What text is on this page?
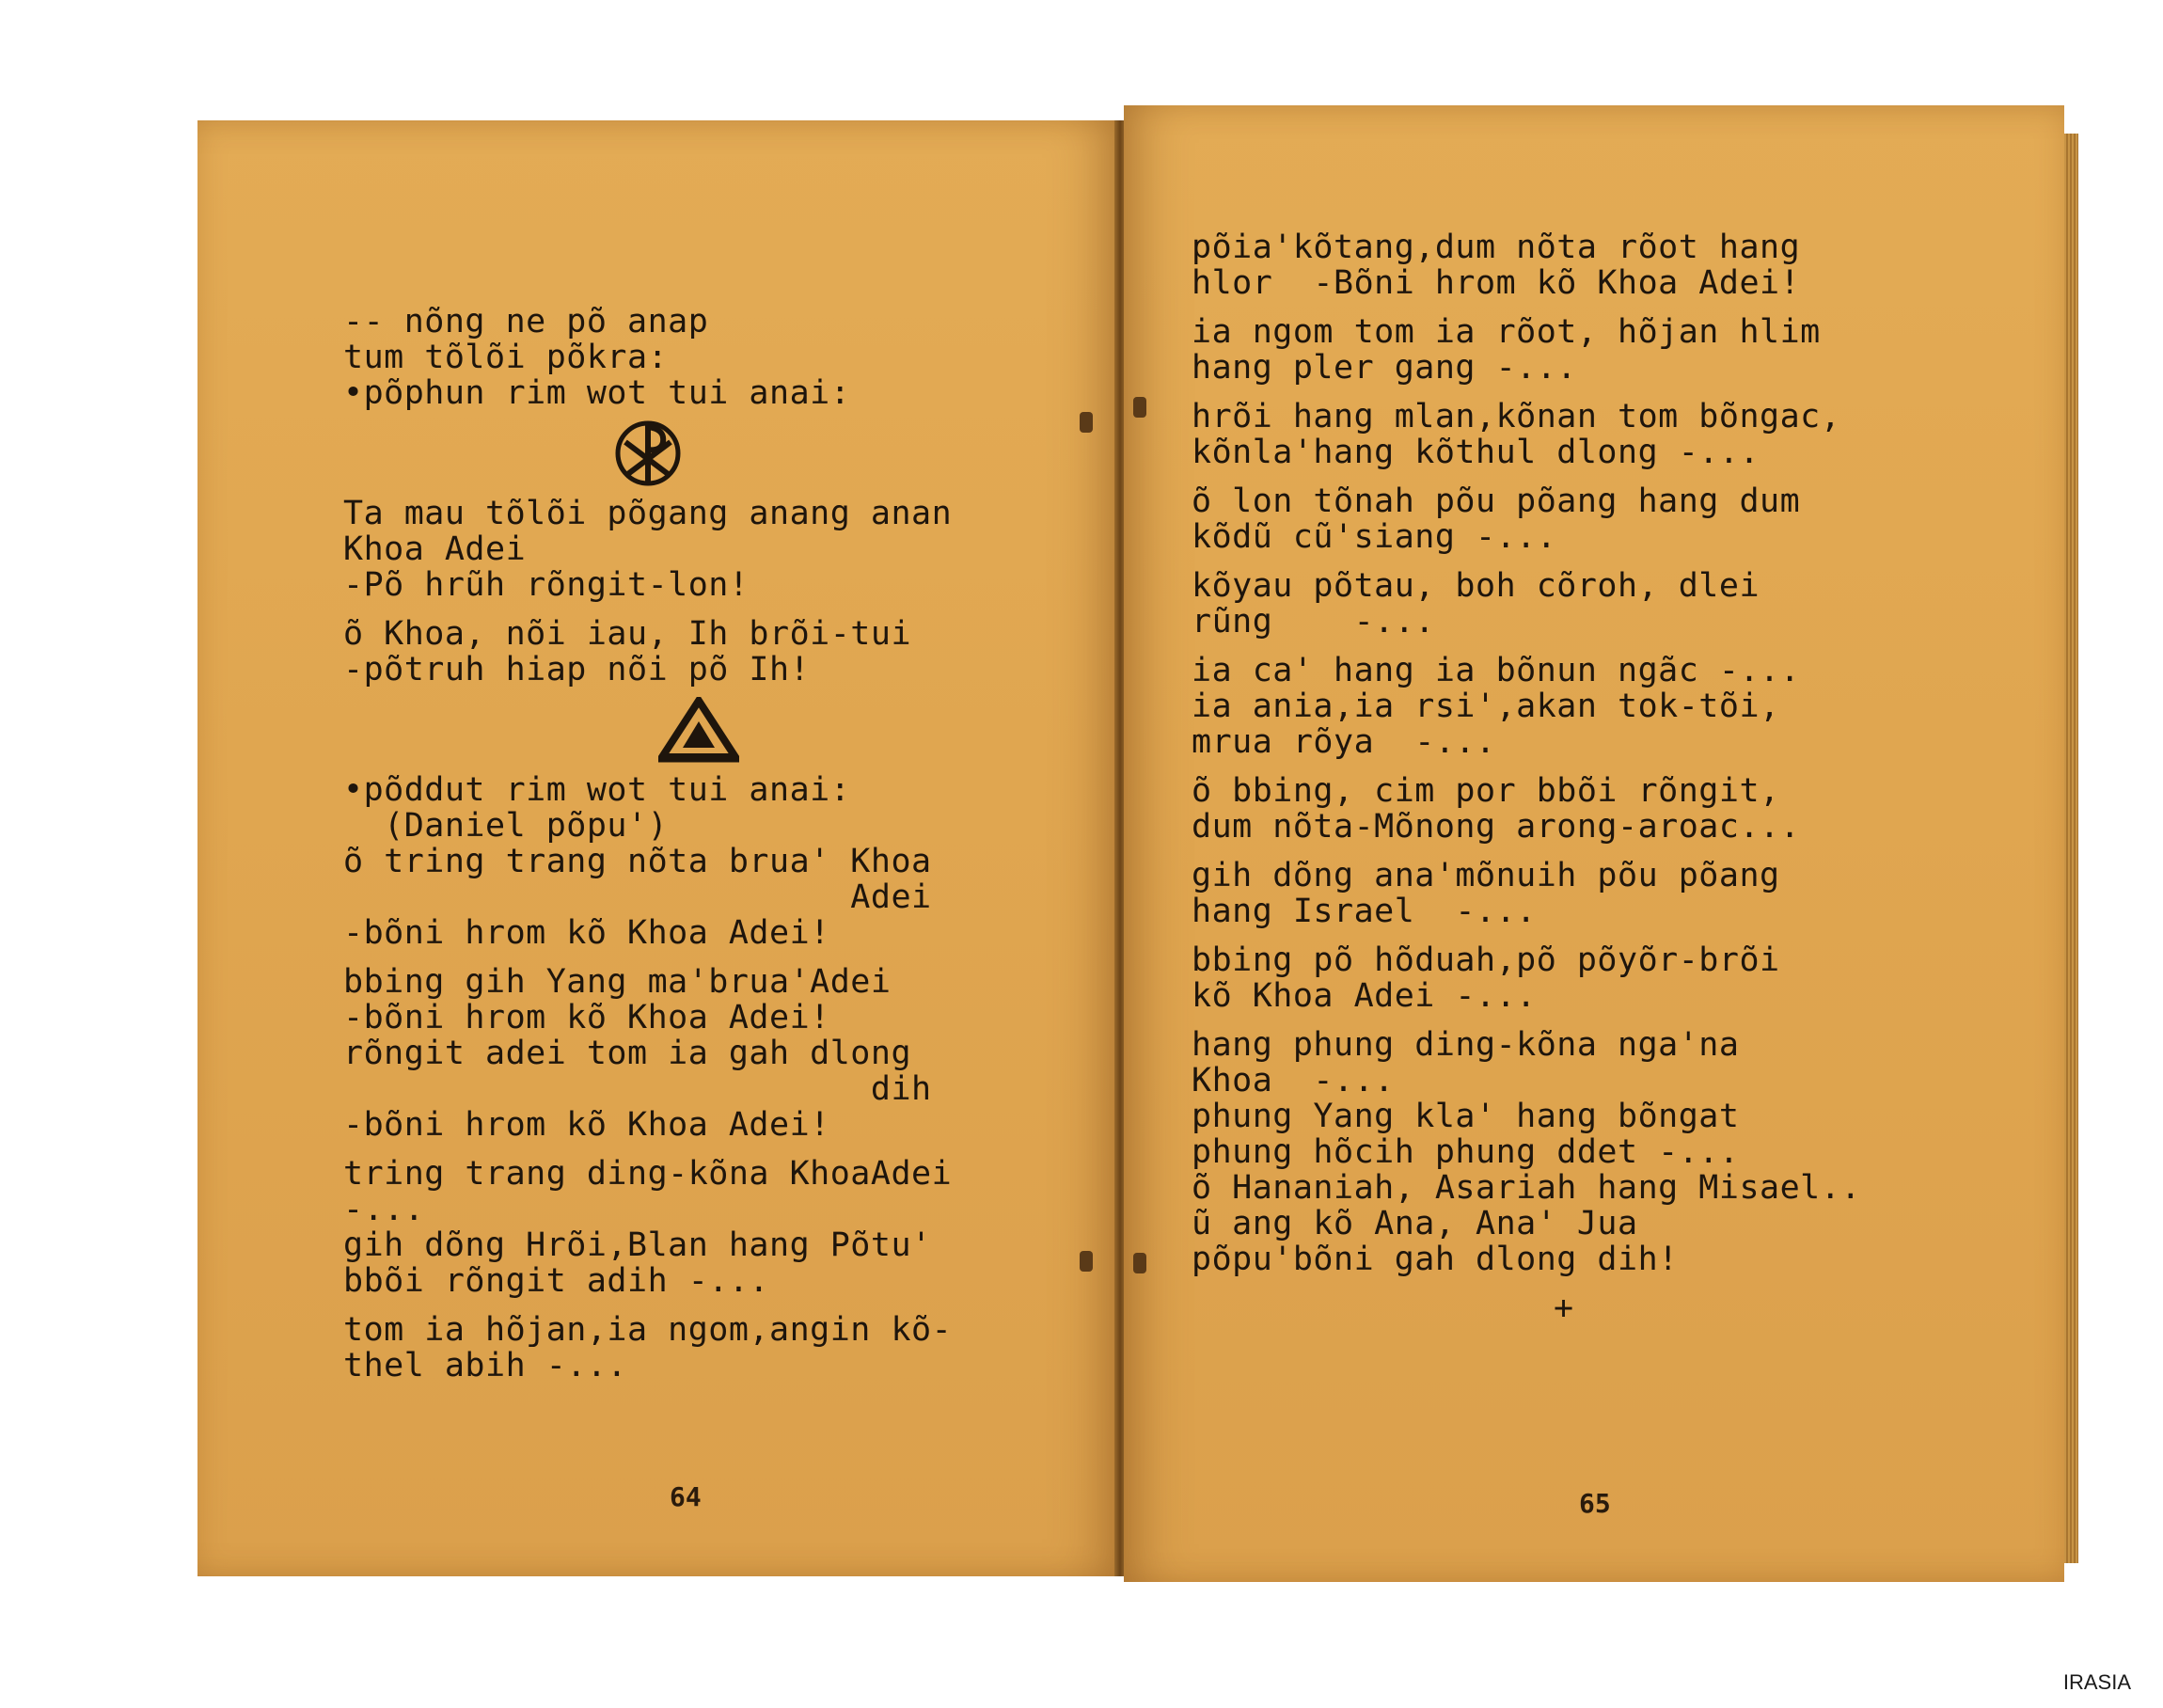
-- nõng ne põ anap
tum tõlõi põkra:
•põphun rim wot tui anai:
Ta mau tõlõi põgang anang anan
Khoa Adei
-Põ hrũh rõngit-lon!
õ Khoa, nõi iau, Ih brõi-tui
-põtruh hiap nõi põ Ih!
•põddut rim wot tui anai:
(Daniel põpu')
õ tring trang nõta brua' Khoa
Adei
-bõni hrom kõ Khoa Adei!
bbing gih Yang ma'brua'Adei
-bõni hrom kõ Khoa Adei!
rõngit adei tom ia gah dlong
dih
-bõni hrom kõ Khoa Adei!
tring trang ding-kõna KhoaAdei
-...
gih dõng Hrõi,Blan hang Põtu'
bbõi rõngit adih -...
tom ia hõjan,ia ngom,angin kõ-
thel abih -...
64
põia'kõtang,dum nõta rõot hang
hlor  -Bõni hrom kõ Khoa Adei!
ia ngom tom ia rõot, hõjan hlim
hang pler gang -...
hrõi hang mlan,kõnan tom bõngac,
kõnla'hang kõthul dlong -...
õ lon tõnah põu põang hang dum
kõdũ cũ'siang -...
kõyau põtau, boh cõroh, dlei
rũng    -...
ia ca' hang ia bõnun ngãc -...
ia ania,ia rsi',akan tok-tõi,
mrua rõya  -...
õ bbing, cim por bbõi rõngit,
dum nõta-Mõnong arong-aroac...
gih dõng ana'mõnuih põu põang
hang Israel  -...
bbing põ hõduah,põ põyõr-brõi
kõ Khoa Adei -...
hang phung ding-kõna nga'na
Khoa  -...
phung Yang kla' hang bõngat
phung hõcih phung ddet -...
õ Hananiah, Asariah hang Misael..
ũ ang kõ Ana, Ana' Jua
põpu'bõni gah dlong dih!
+
65
IRASIA
